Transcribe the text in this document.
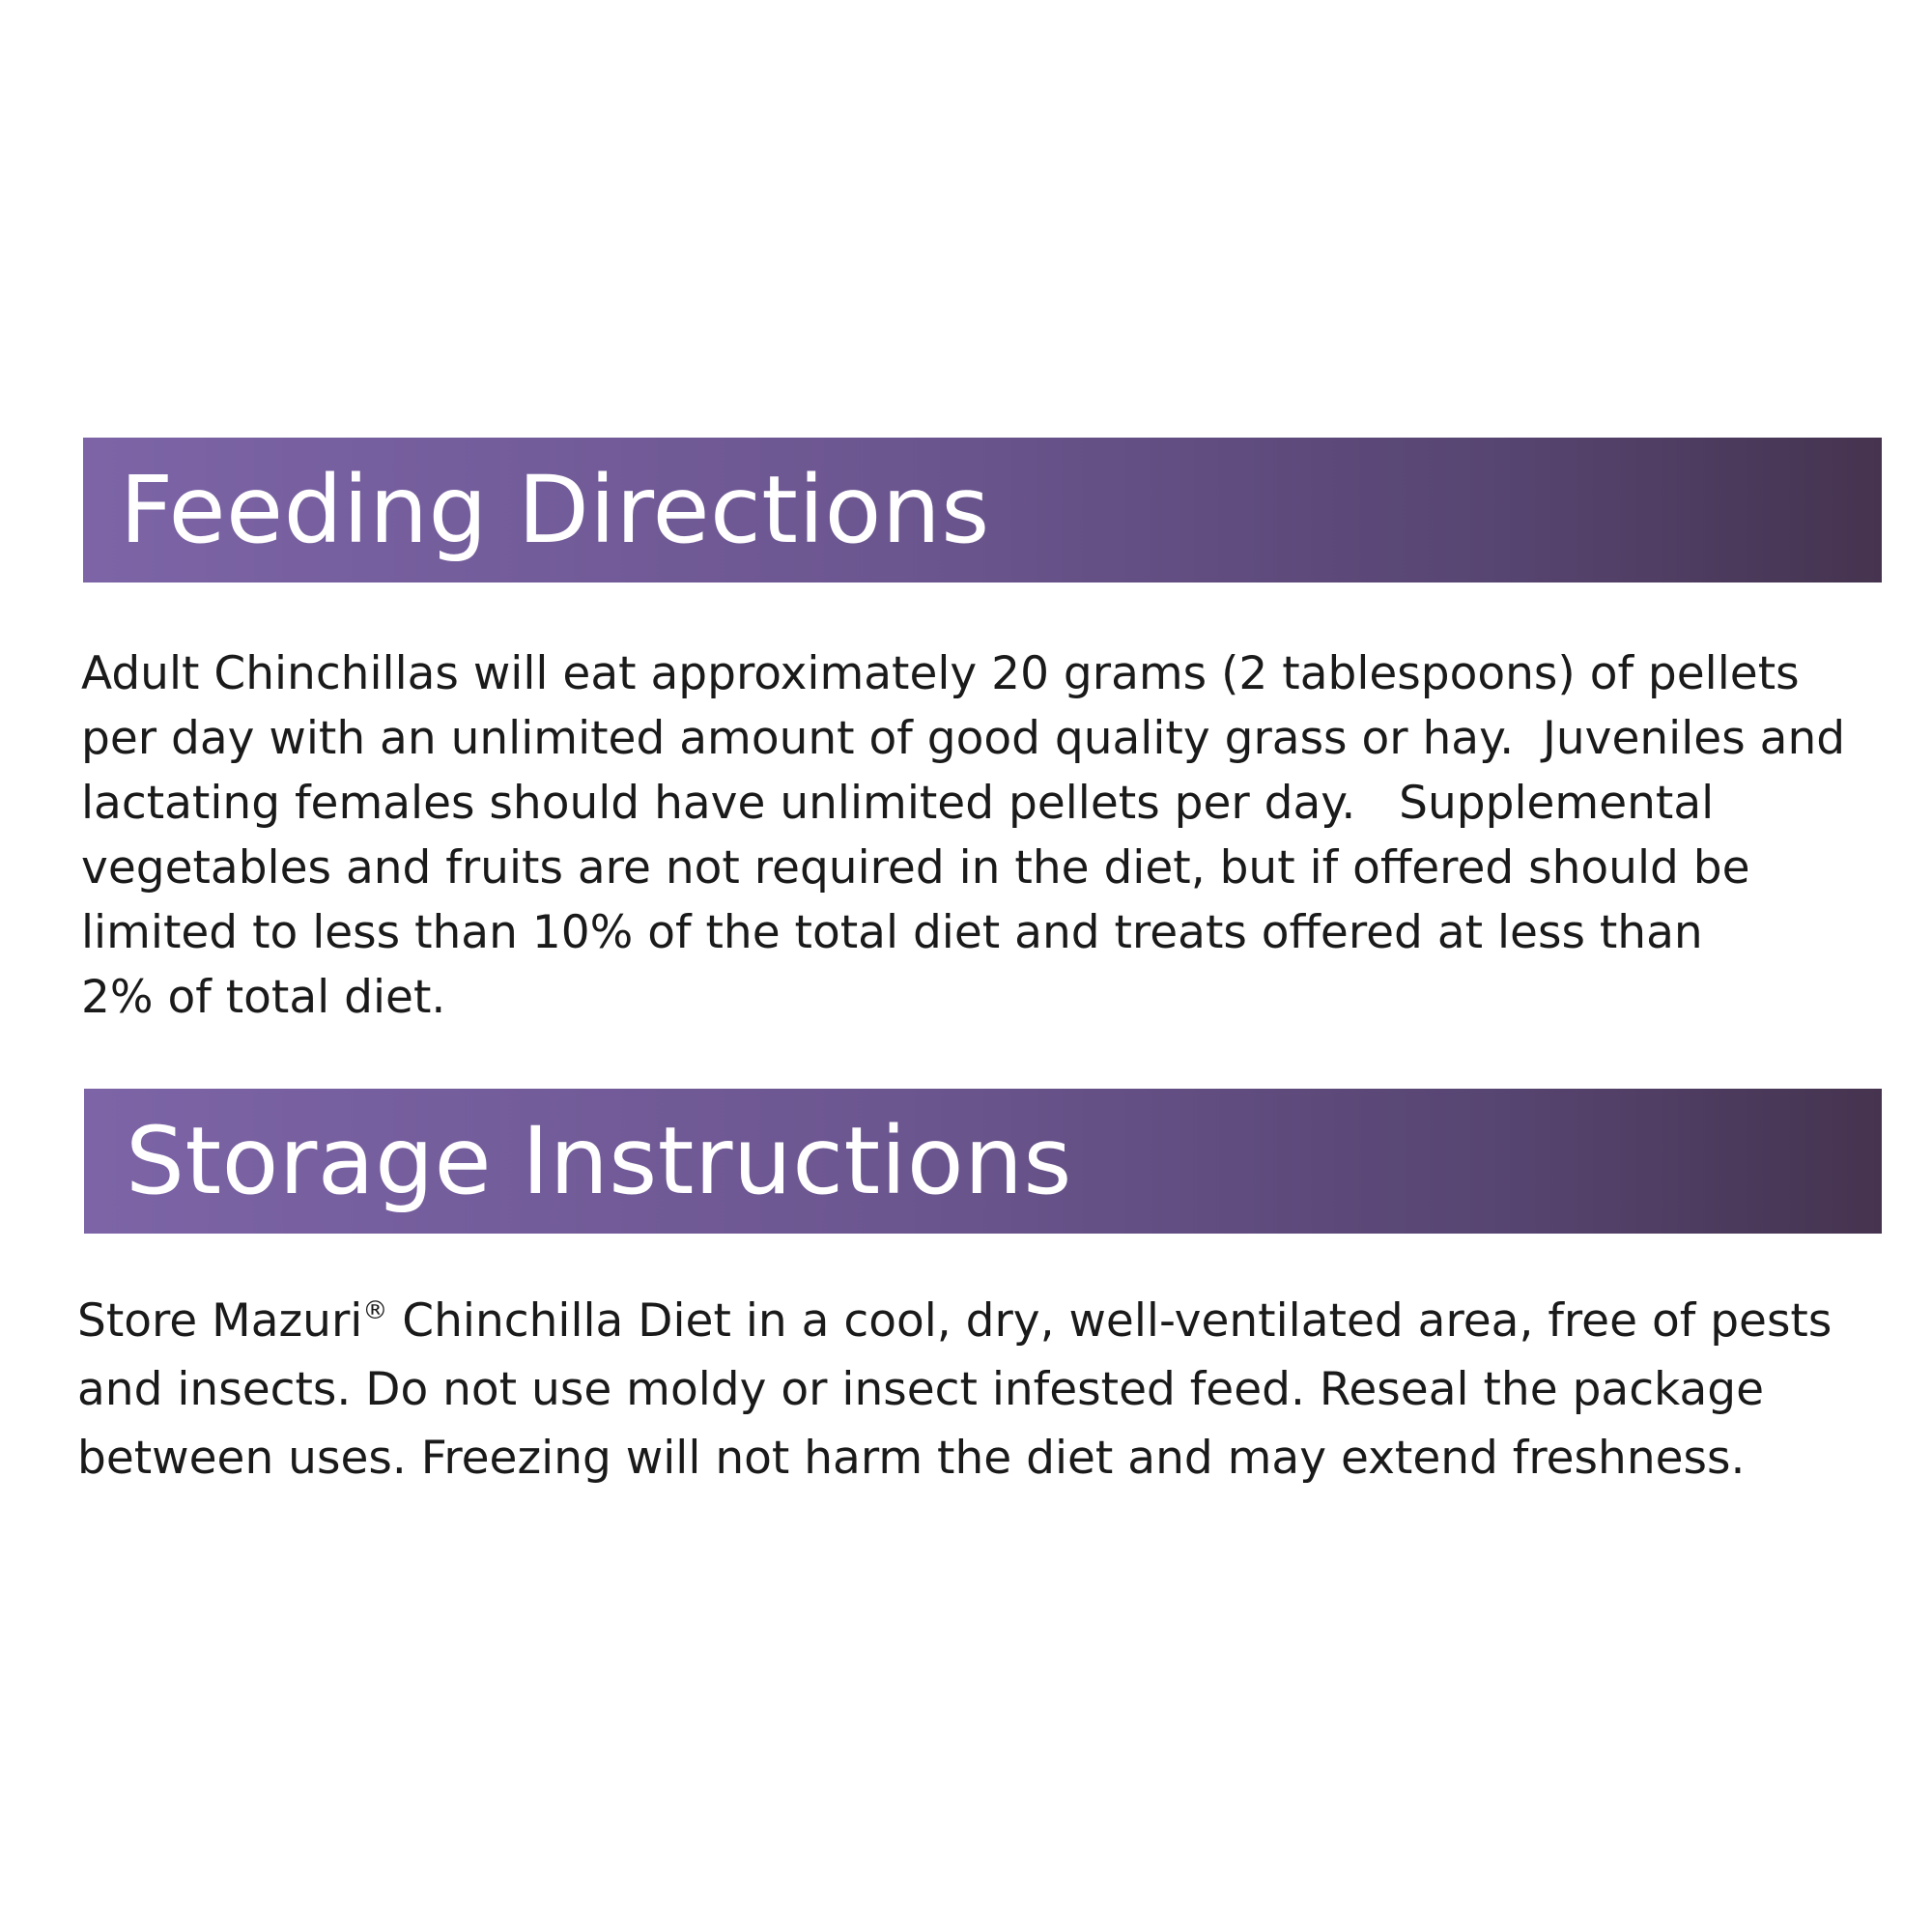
Feeding Directions

Adult Chinchillas will eat approximately 20 grams (2 tablespoons) of pellets
per day with an unlimited amount of good quality grass or hay.  Juveniles and
lactating females should have unlimited pellets per day.   Supplemental
vegetables and fruits are not required in the diet, but if offered should be
limited to less than 10% of the total diet and treats offered at less than
2% of total diet.

Storage Instructions

Store Mazuri® Chinchilla Diet in a cool, dry, well-ventilated area, free of pests
and insects. Do not use moldy or insect infested feed. Reseal the package
between uses. Freezing will not harm the diet and may extend freshness.
